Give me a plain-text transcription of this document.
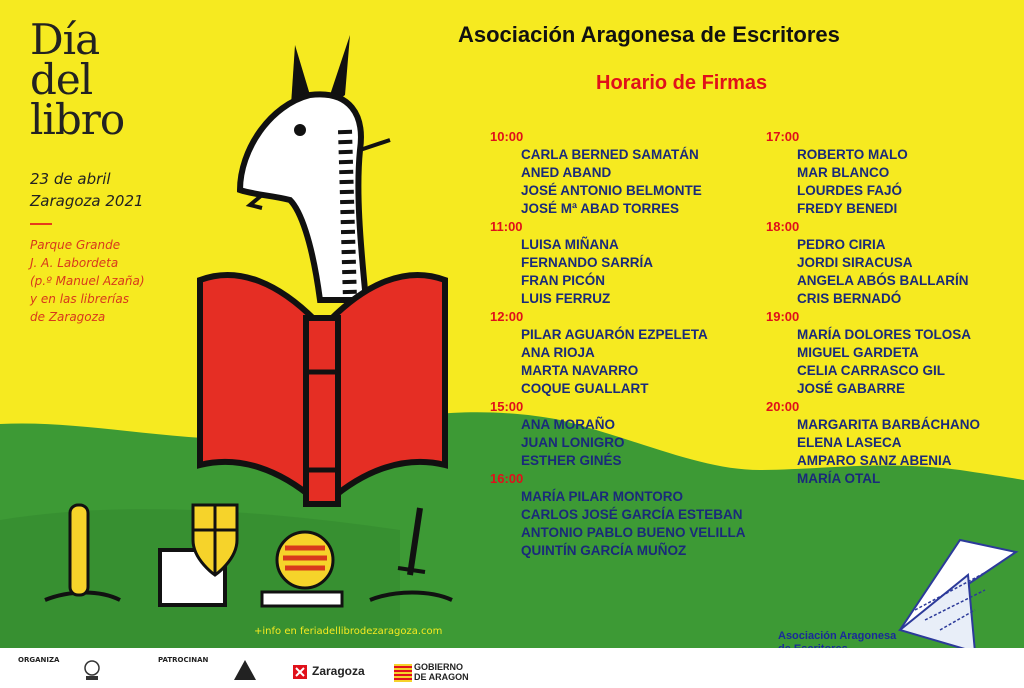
Día
del
libro
23 de abril
Zaragoza 2021
Parque Grande
J. A. Labordeta
(p.º Manuel Azaña)
y en las librerías
de Zaragoza
+info en feriadellibrodezaragoza.com
Asociación Aragonesa de Escritores
Horario de Firmas
10:00
CARLA BERNED SAMATÁN
ANED ABAND
JOSÉ ANTONIO BELMONTE
JOSÉ Mª ABAD TORRES
11:00
LUISA MIÑANA
FERNANDO SARRÍA
FRAN PICÓN
LUIS FERRUZ
12:00
PILAR AGUARÓN EZPELETA
ANA RIOJA
MARTA NAVARRO
COQUE GUALLART
15:00
ANA MORAÑO
JUAN LONIGRO
ESTHER GINÉS
16:00
MARÍA PILAR MONTORO
CARLOS JOSÉ GARCÍA ESTEBAN
ANTONIO PABLO BUENO VELILLA
QUINTÍN GARCÍA MUÑOZ
17:00
ROBERTO MALO
MAR BLANCO
LOURDES FAJÓ
FREDY BENEDI
18:00
PEDRO CIRIA
JORDI SIRACUSA
ANGELA ABÓS BALLARÍN
CRIS BERNADÓ
19:00
MARÍA DOLORES TOLOSA
MIGUEL GARDETA
CELIA CARRASCO GIL
JOSÉ GABARRE
20:00
MARGARITA BARBÁCHANO
ELENA LASECA
AMPARO SANZ ABENIA
MARÍA OTAL
Asociación Aragonesa
ORGANIZA	PATROCINAN
Zaragoza	GOBIERNO
DE ARAGON
